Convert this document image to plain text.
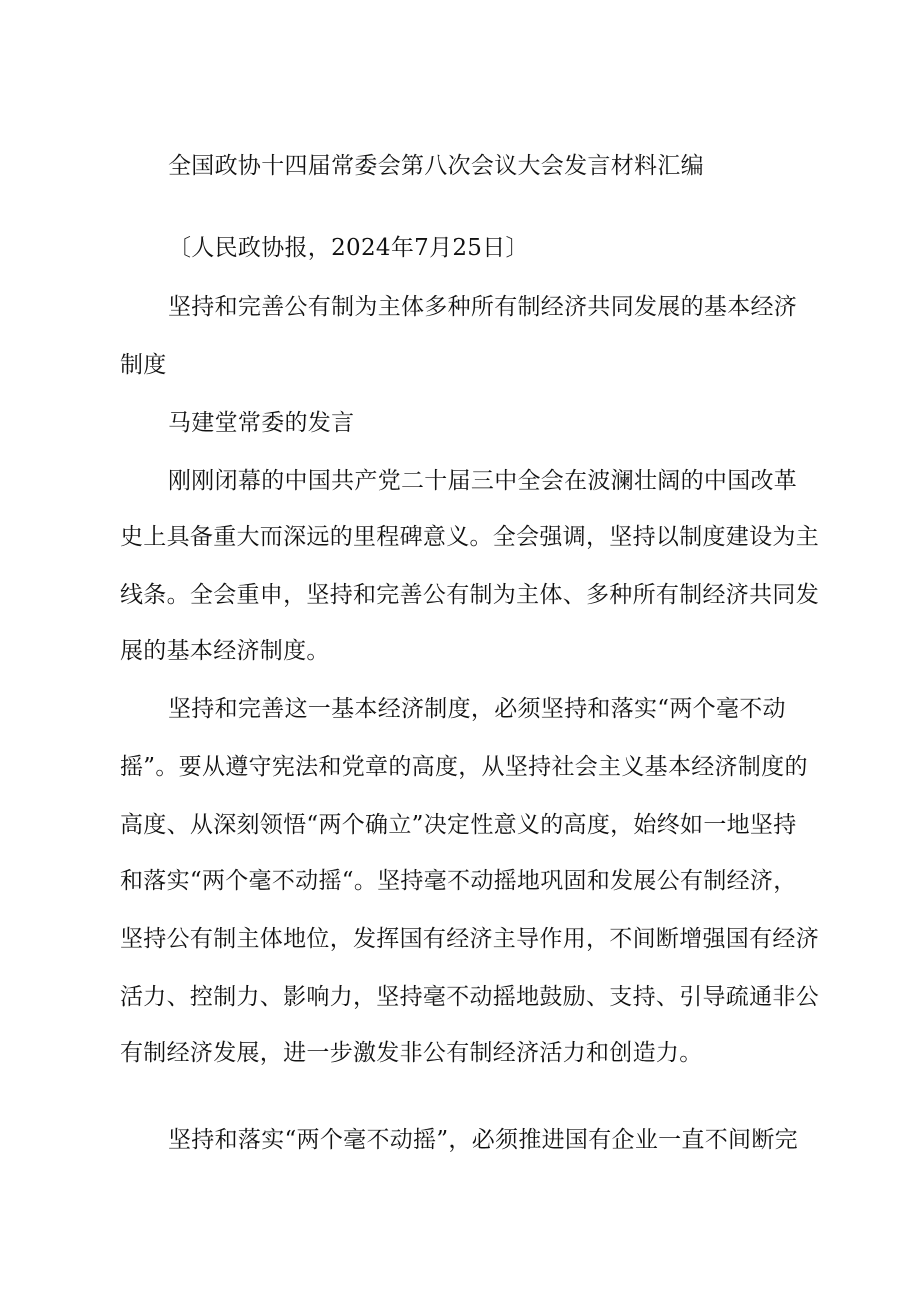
全国政协十四届常委会第八次会议大会发言材料汇编
〔人民政协报，2024年7月25日〕
坚持和完善公有制为主体多种所有制经济共同发展的基本经济
制度
马建堂常委的发言
刚刚闭幕的中国共产党二十届三中全会在波澜壮阔的中国改革
史上具备重大而深远的里程碑意义。全会强调，坚持以制度建设为主
线条。全会重申，坚持和完善公有制为主体、多种所有制经济共同发
展的基本经济制度。
坚持和完善这一基本经济制度，必须坚持和落实“两个毫不动
摇”。要从遵守宪法和党章的高度，从坚持社会主义基本经济制度的
高度、从深刻领悟“两个确立”决定性意义的高度，始终如一地坚持
和落实“两个毫不动摇“。坚持毫不动摇地巩固和发展公有制经济，
坚持公有制主体地位，发挥国有经济主导作用，不间断增强国有经济
活力、控制力、影响力，坚持毫不动摇地鼓励、支持、引导疏通非公
有制经济发展，进一步激发非公有制经济活力和创造力。
坚持和落实“两个毫不动摇”，必须推进国有企业一直不间断完
